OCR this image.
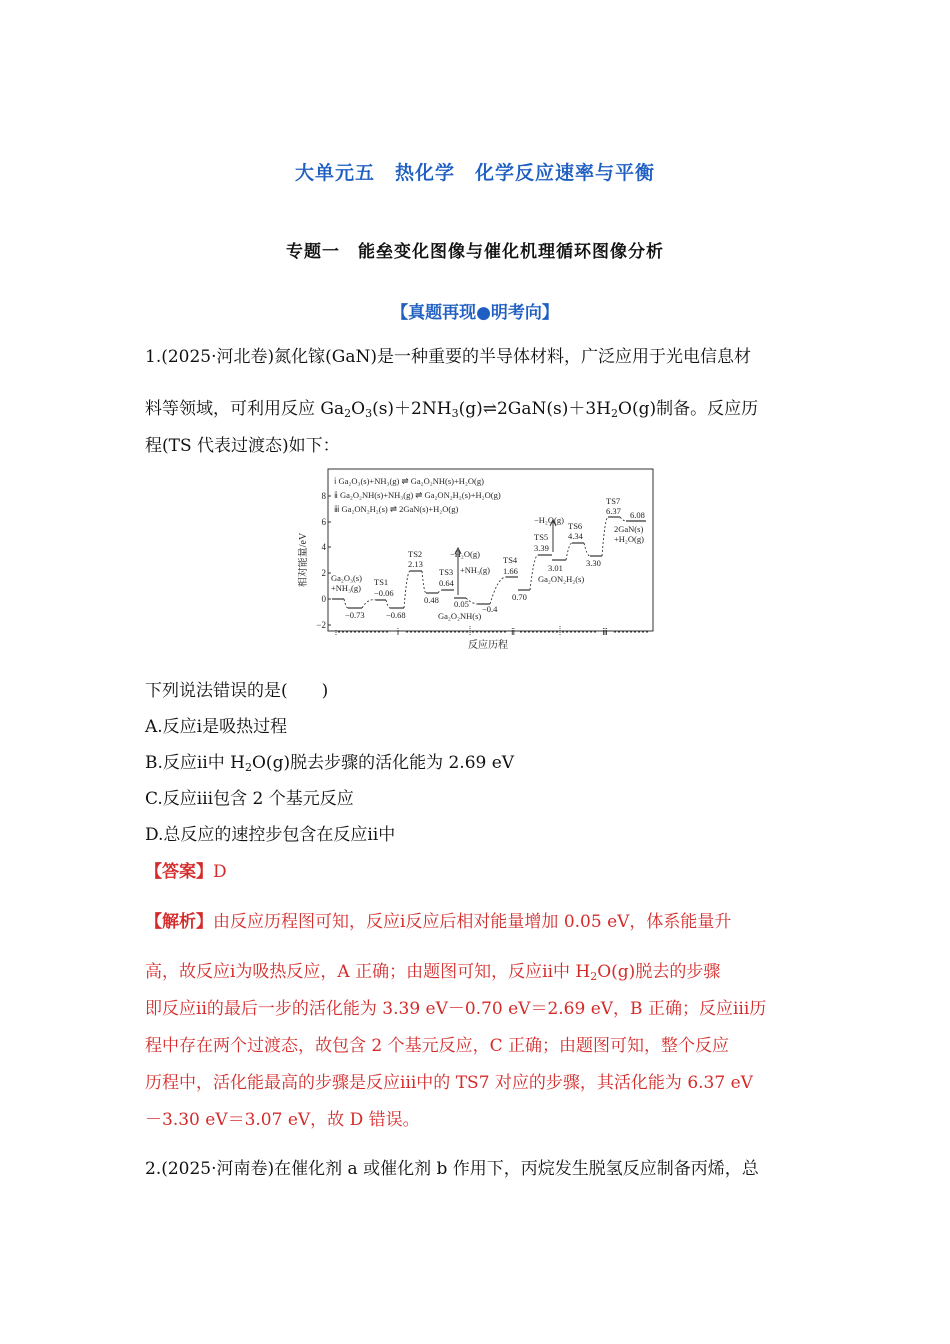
大单元五　热化学　化学反应速率与平衡
专题一　能垒变化图像与催化机理循环图像分析
【真题再现●明考向】
1.(2025·河北卷)氮化镓(GaN)是一种重要的半导体材料，广泛应用于光电信息材
料等领域，可利用反应 $Ga_2O_3(s)+2NH_3(g)\rightleftharpoons 2GaN(s)+3H_2O(g)$制备。反应历
程(TS 代表过渡态)如下：
ⅰ Ga₂O₃(s)+NH₃(g) ⇌ Ga₂O₂NH(s)+H₂O(g)
ⅱ Ga₂O₂NH(s)+NH₃(g) ⇌ Ga₂ON₂H₂(s)+H₂O(g)
ⅲ Ga₂ON₂H₂(s) ⇌ 2GaN(s)+H₂O(g)
8
6
4
2
0
−2
相对能量/eV	Ga₂O₃(s)
+NH₃(g)
TS1
−0.06
−0.73	−0.68
TS2
2.13
0.48
−H₂O(g)
+NH₃(g)
TS3
0.64
0.05
Ga₂O₂NH(s)
−0.4
TS4
1.66
0.70
−H₂O(g)
TS5
3.39
3.01
Ga₂ON₂H₂(s)
TS6
4.34
3.30
TS7
6.37 6.08
2GaN(s)
+H₂O(g)
ⅰ	ⅱ	ⅲ
反应历程
下列说法错误的是(　　)
A.反应ⅰ是吸热过程
B.反应ⅱ中 $H_2O(g)$脱去步骤的活化能为 2.69 eV
C.反应ⅲ包含 2 个基元反应
D.总反应的速控步包含在反应ⅱ中
【答案】D
【解析】由反应历程图可知，反应ⅰ反应后相对能量增加 0.05 eV，体系能量升
高，故反应ⅰ为吸热反应，A 正确；由题图可知，反应ⅱ中 $H_2O(g)$脱去的步骤
即反应ⅱ的最后一步的活化能为 3.39 eV－0.70 eV＝2.69 eV，B 正确；反应ⅲ历
程中存在两个过渡态，故包含 2 个基元反应，C 正确；由题图可知，整个反应
历程中，活化能最高的步骤是反应ⅲ中的 TS7 对应的步骤，其活化能为 6.37 eV
－3.30 eV＝3.07 eV，故 D 错误。
2.(2025·河南卷)在催化剂 a 或催化剂 b 作用下，丙烷发生脱氢反应制备丙烯，总
